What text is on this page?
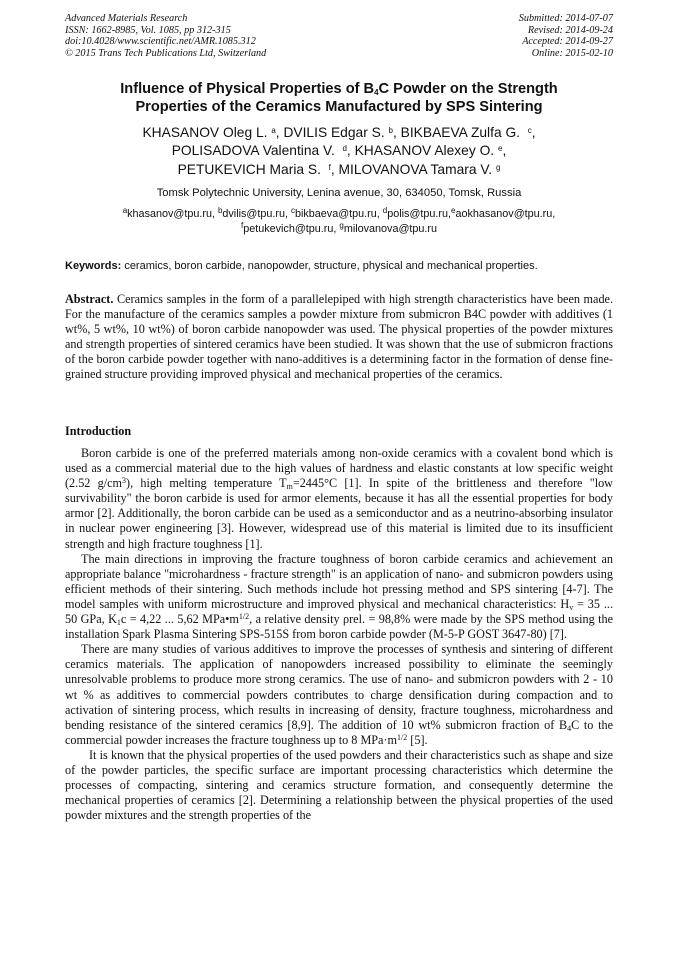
Advanced Materials Research
ISSN: 1662-8985, Vol. 1085, pp 312-315
doi:10.4028/www.scientific.net/AMR.1085.312
© 2015 Trans Tech Publications Ltd, Switzerland
Submitted: 2014-07-07
Revised: 2014-09-24
Accepted: 2014-09-27
Online: 2015-02-10
Influence of Physical Properties of $B_4C$ Powder on the Strength
Properties of the Ceramics Manufactured by SPS Sintering
KHASANOV Oleg L. $^a$, DVILIS Edgar S. $^b$, BIKBAEVA Zulfa G. $^c$,
POLISADOVA Valentina V. $^d$, KHASANOV Alexey O. $^e$,
PETUKEVICH Maria S. $^f$, MILOVANOVA Tamara V. $^g$
Tomsk Polytechnic University, Lenina avenue, 30, 634050, Tomsk, Russia
$^a$khasanov@tpu.ru, $^b$dvilis@tpu.ru, $^c$bikbaeva@tpu.ru, $^d$polis@tpu.ru,$^e$aokhasanov@tpu.ru,
$^f$petukevich@tpu.ru, $^g$milovanova@tpu.ru
Keywords: ceramics, boron carbide, nanopowder, structure, physical and mechanical properties.
Abstract. Ceramics samples in the form of a parallelepiped with high strength characteristics have been made. For the manufacture of the ceramics samples a powder mixture from submicron B4C powder with additives (1 wt%, 5 wt%, 10 wt%) of boron carbide nanopowder was used. The physical properties of the powder mixtures and strength properties of sintered ceramics have been studied. It was shown that the use of submicron fractions of the boron carbide powder together with nano-additives is a determining factor in the formation of dense fine-grained structure providing improved physical and mechanical properties of the ceramics.
Introduction

Boron carbide is one of the preferred materials among non-oxide ceramics with a covalent bond which is used as a commercial material due to the high values of hardness and elastic constants at low specific weight (2.52 $g/cm^3$), high melting temperature $T_m=2445^\circ C$ [1]. In spite of the brittleness and therefore "low survivability" the boron carbide is used for armor elements, because it has all the essential properties for body armor [2]. Additionally, the boron carbide can be used as a semiconductor and as a neutrino-absorbing insulator in nuclear power engineering [3]. However, widespread use of this material is limited due to its insufficient strength and high fracture toughness [1].

The main directions in improving the fracture toughness of boron carbide ceramics and achievement an appropriate balance "microhardness - fracture strength" is an application of nano- and submicron powders using efficient methods of their sintering. Such methods include hot pressing method and SPS sintering [4-7]. The model samples with uniform microstructure and improved physical and mechanical characteristics: $H_v = 35$ ... 50 GPa, $K_1c = 4,22$ ... 5,62 $MPa•m^{1/2}$, a relative density ρrel. = 98,8% were made by the SPS method using the installation Spark Plasma Sintering SPS-515S from boron carbide powder (M-5-P GOST 3647-80) [7].

There are many studies of various additives to improve the processes of synthesis and sintering of different ceramics materials. The application of nanopowders increased possibility to eliminate the seemingly unresolvable problems to produce more strong ceramics. The use of nano- and submicron powders with 2 - 10 wt % as additives to commercial powders contributes to charge densification during compaction and to activation of sintering process, which results in increasing of density, fracture toughness, microhardness and bending resistance of the sintered ceramics [8,9]. The addition of 10 wt% submicron fraction of $B_4C$ to the commercial powder increases the fracture toughness up to 8 $MPa\cdot m^{1/2}$ [5].

It is known that the physical properties of the used powders and their characteristics such as shape and size of the powder particles, the specific surface are important processing characteristics which determine the processes of compacting, sintering and ceramics structure formation, and consequently determine the mechanical properties of ceramics [2]. Determining a relationship between the physical properties of the used powder mixtures and the strength properties of the
